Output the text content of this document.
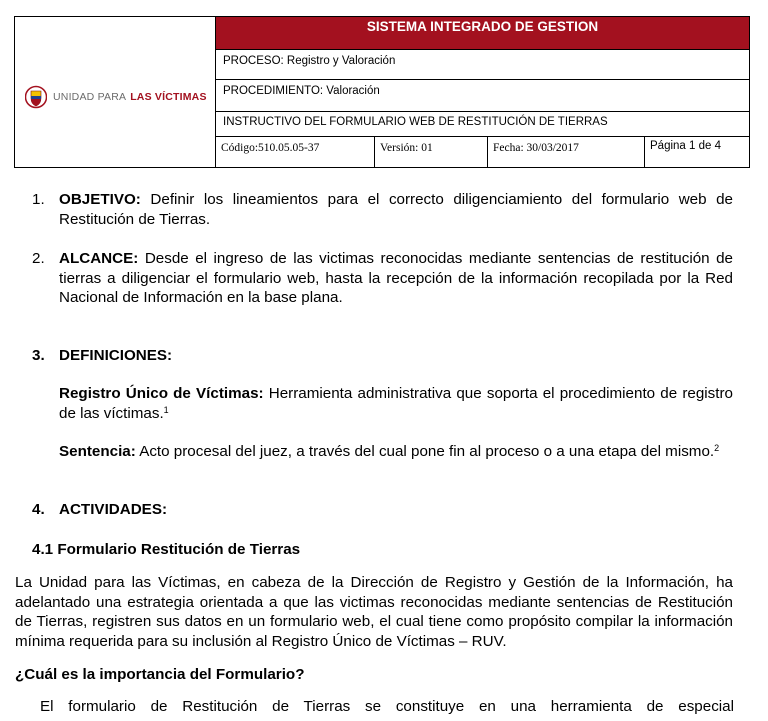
UNIDAD PARA LAS VÍCTIMAS
SISTEMA INTEGRADO DE GESTION
PROCESO: Registro y Valoración
PROCEDIMIENTO: Valoración
INSTRUCTIVO DEL FORMULARIO WEB DE RESTITUCIÓN DE TIERRAS
Código:510.05.05-37	Versión: 01	Fecha: 30/03/2017	Página 1 de 4
1. OBJETIVO: Definir los lineamientos para el correcto diligenciamiento del formulario web de Restitución de Tierras.
2. ALCANCE: Desde el ingreso de las victimas reconocidas mediante sentencias de restitución de tierras a diligenciar el formulario web, hasta la recepción de la información recopilada por la Red Nacional de Información en la base plana.
3. DEFINICIONES:
Registro Único de Víctimas: Herramienta administrativa que soporta el procedimiento de registro de las víctimas.$^1$
Sentencia: Acto procesal del juez, a través del cual pone fin al proceso o a una etapa del mismo.$^2$
4. ACTIVIDADES:
4.1 Formulario Restitución de Tierras
La Unidad para las Víctimas, en cabeza de la Dirección de Registro y Gestión de la Información, ha adelantado una estrategia orientada a que las victimas reconocidas mediante sentencias de Restitución de Tierras, registren sus datos en un formulario web, el cual tiene como propósito compilar la información mínima requerida para su inclusión al Registro Único de Víctimas – RUV.
¿Cuál es la importancia del Formulario?
El formulario de Restitución de Tierras se constituye en una herramienta de especial
